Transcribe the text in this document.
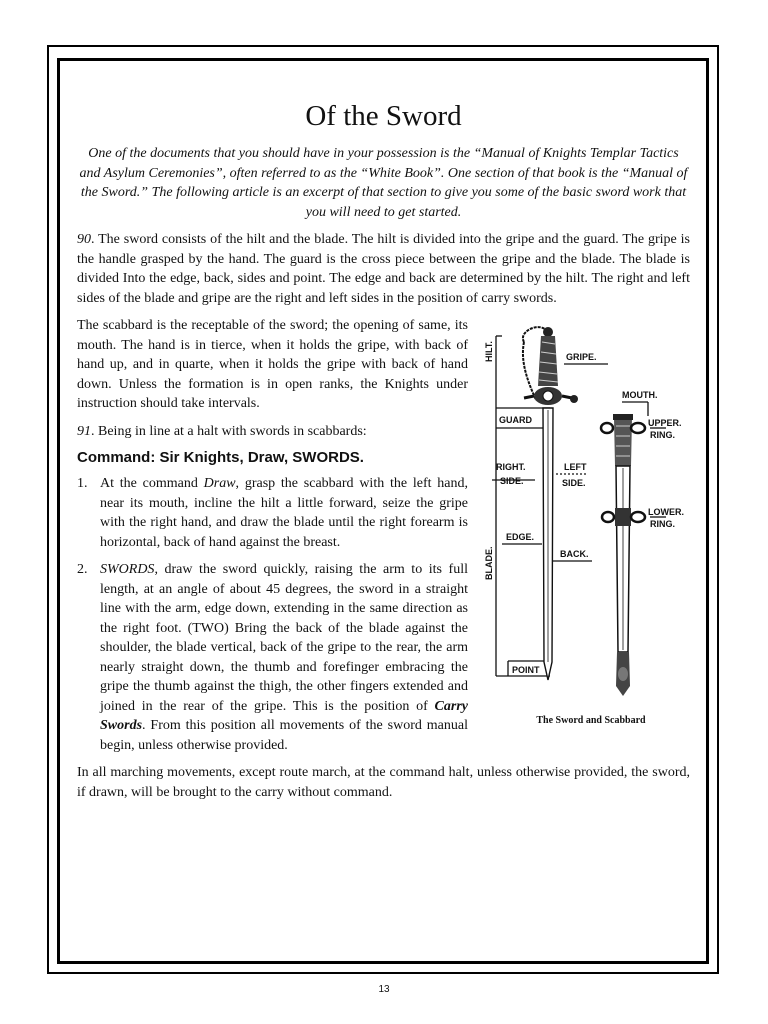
Of the Sword

One of the documents that you should have in your possession is the “Manual of Knights Templar Tactics and Asylum Ceremonies”, often referred to as the “White Book”. One section of that book is the “Manual of the Sword.” The following article is an excerpt of that section to give you some of the basic sword work that you will need to get started.

90. The sword consists of the hilt and the blade. The hilt is divided into the gripe and the guard. The gripe is the handle grasped by the hand. The guard is the cross piece between the gripe and the blade. The blade is divided Into the edge, back, sides and point. The edge and back are determined by the hilt. The right and left sides of the blade and gripe are the right and left sides in the position of carry swords.

HILT.	GRIPE.
GUARD
RIGHT.
SIDE.
LEFT
SIDE.
BLADE.
EDGE.
BACK.
POINT
MOUTH.
UPPER.
RING.
LOWER.
RING.
The Sword and Scabbard

The scabbard is the receptable of the sword; the opening of same, its mouth. The hand is in tierce, when it holds the gripe, with back of hand up, and in quarte, when it holds the gripe with back of hand down. Unless the formation is in open ranks, the Knights under instruction should take intervals.

91. Being in line at a halt with swords in scabbards:

Command: Sir Knights, Draw, SWORDS.
1. At the command Draw, grasp the scabbard with the left hand, near its mouth, incline the hilt a little forward, seize the gripe with the right hand, and draw the blade until the right forearm is horizontal, back of hand against the breast.
2. SWORDS, draw the sword quickly, raising the arm to its full length, at an angle of about 45 degrees, the sword in a straight line with the arm, edge down, extending in the same direction as the right foot. (TWO) Bring the back of the blade against the shoulder, the blade vertical, back of the gripe to the rear, the arm nearly straight down, the thumb and forefinger embracing the gripe the thumb against the thigh, the other fingers extended and joined in the rear of the gripe. This is the position of Carry Swords. From this position all movements of the sword manual begin, unless otherwise provided.

In all marching movements, except route march, at the command halt, unless otherwise provided, the sword, if drawn, will be brought to the carry without command.

13
